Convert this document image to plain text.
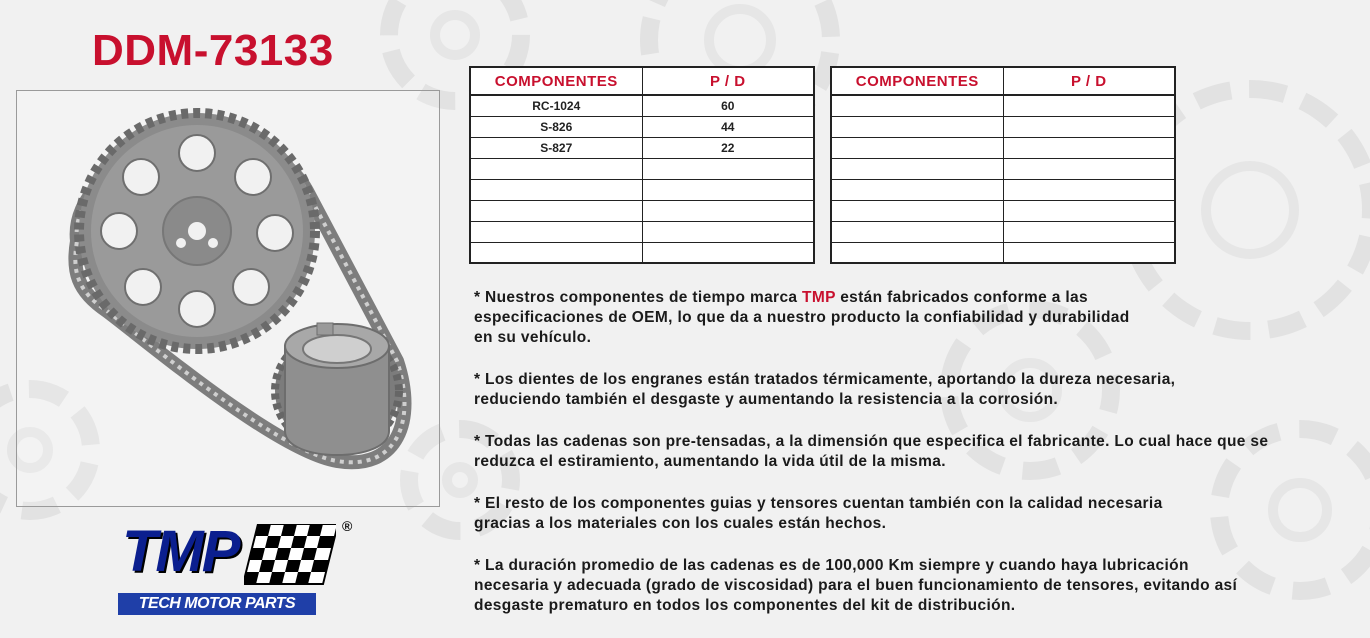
DDM-73133
TMP	®
TECH MOTOR PARTS
COMPONENTES	P / D
RC-1024	60
S-826	44
S-827	22

COMPONENTES	P / D

* Nuestros componentes de tiempo marca TMP están fabricados conforme a las
especificaciones de OEM, lo que da a nuestro producto la confiabilidad y durabilidad
en su vehículo.

* Los dientes de los engranes están tratados térmicamente, aportando la dureza necesaria,
reduciendo también el desgaste y aumentando la resistencia a la corrosión.

* Todas las cadenas son pre-tensadas, a la dimensión que especifica el fabricante. Lo cual hace que se
reduzca el estiramiento, aumentando la vida útil de la misma.

* El resto de los componentes guias y tensores cuentan también con la calidad necesaria
gracias a los materiales con los cuales están hechos.

* La duración promedio de las cadenas es de 100,000 Km siempre y cuando haya lubricación
necesaria y adecuada (grado de viscosidad) para el buen funcionamiento de tensores, evitando así
desgaste prematuro en todos los componentes del kit de distribución.
